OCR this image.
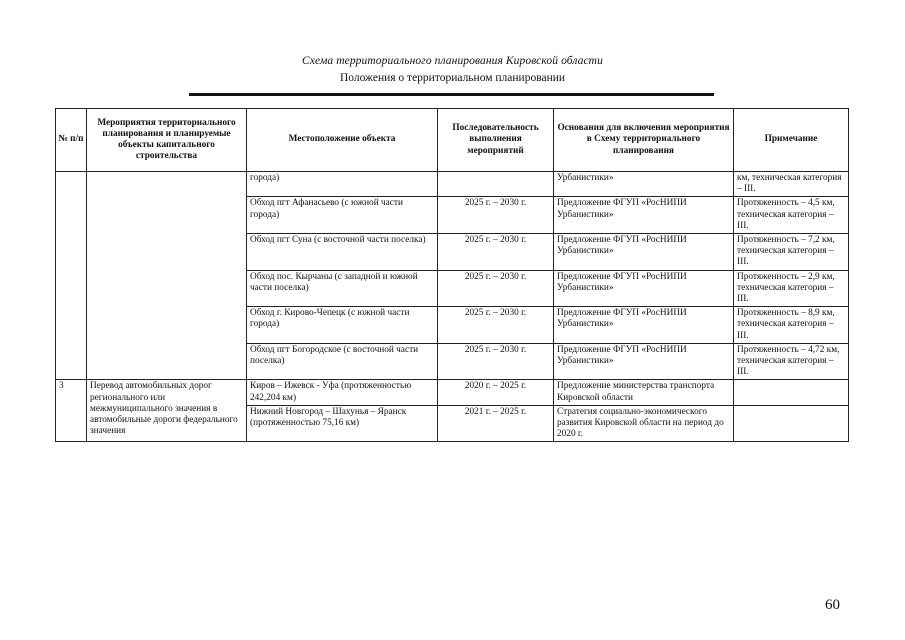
Схема территориального планирования Кировской области
Положения о территориальном планировании
№ п/п	Мероприятия территориального планирования и планируемые объекты капитального строительства	Местоположение объекта	Последовательность выполнения мероприятий	Основания для включения мероприятия в Схему территориального планирования	Примечание
		города)		Урбанистики»	км, техническая категория – III.
		Обход пгт Афанасьево (с южной части города)	2025 г. – 2030 г.	Предложение ФГУП «РосНИПИ Урбанистики»	Протяженность – 4,5 км, техническая категория – III.
		Обход пгт Суна (с восточной части поселка)	2025 г. – 2030 г.	Предложение ФГУП «РосНИПИ Урбанистики»	Протяженность – 7,2 км, техническая категория – III.
		Обход пос. Кырчаны (с западной и южной части поселка)	2025 г. – 2030 г.	Предложение ФГУП «РосНИПИ Урбанистики»	Протяженность – 2,9 км, техническая категория – III.
		Обход г. Кирово-Чепецк (с южной части города)	2025 г. – 2030 г.	Предложение ФГУП «РосНИПИ Урбанистики»	Протяженность – 8,9 км, техническая категория – III.
		Обход пгт Богородское (с восточной части поселка)	2025 г. – 2030 г.	Предложение ФГУП «РосНИПИ Урбанистики»	Протяженность – 4,72 км, техническая категория – III.
3	Перевод автомобильных дорог регионального или межмуниципального значения в автомобильные дороги федерального значения	Киров – Ижевск - Уфа (протяженностью 242,204 км)	2020 г. – 2025 г.	Предложение министерства транспорта Кировской области	
		Нижний Новгород – Шахунья – Яранск (протяженностью 75,16 км)	2021 г. – 2025 г.	Стратегия социально-экономического развития Кировской области на период до 2020 г.	
60
